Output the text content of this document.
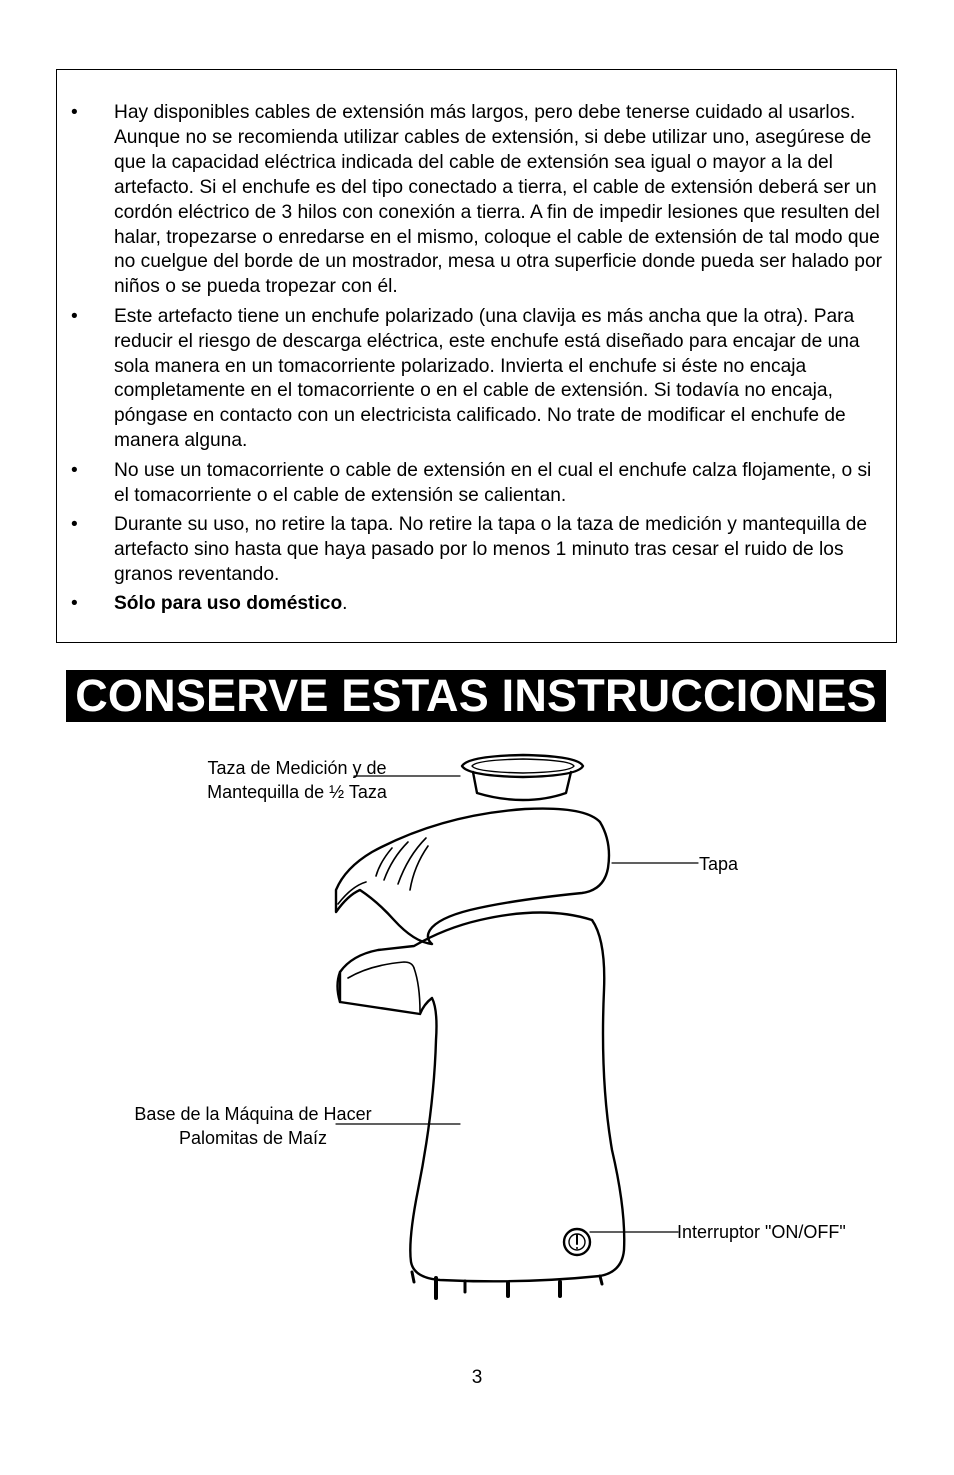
• Hay disponibles cables de extensión más largos, pero debe tenerse cuidado al usarlos. Aunque no se recomienda utilizar cables de extensión, si debe utilizar uno, asegúrese de que la capacidad eléctrica indicada del cable de extensión sea igual o mayor a la del artefacto. Si el enchufe es del tipo conectado a tierra, el cable de extensión deberá ser un cordón eléctrico de 3 hilos con conexión a tierra. A fin de impedir lesiones que resulten del halar, tropezarse o enredarse en el mismo, coloque el cable de extensión de tal modo que no cuelgue del borde de un mostrador, mesa u otra superficie donde pueda ser halado por niños o se pueda tropezar con él.
• Este artefacto tiene un enchufe polarizado (una clavija es más ancha que la otra). Para reducir el riesgo de descarga eléctrica, este enchufe está diseñado para encajar de una sola manera en un tomacorriente polarizado. Invierta el enchufe si éste no encaja completamente en el tomacorriente o en el cable de extensión. Si todavía no encaja, póngase en contacto con un electricista calificado. No trate de modificar el enchufe de manera alguna.
• No use un tomacorriente o cable de extensión en el cual el enchufe calza flojamente, o si el tomacorriente o el cable de extensión se calientan.
• Durante su uso, no retire la tapa. No retire la tapa o la taza de medición y mantequilla de artefacto sino hasta que haya pasado por lo menos 1 minuto tras cesar el ruido de los granos reventando.
• Sólo para uso doméstico.
CONSERVE ESTAS INSTRUCCIONES
Taza de Medición y de
Mantequilla de ½ Taza
Tapa
Base de la Máquina de Hacer
Palomitas de Maíz
Interruptor "ON/OFF"
3
